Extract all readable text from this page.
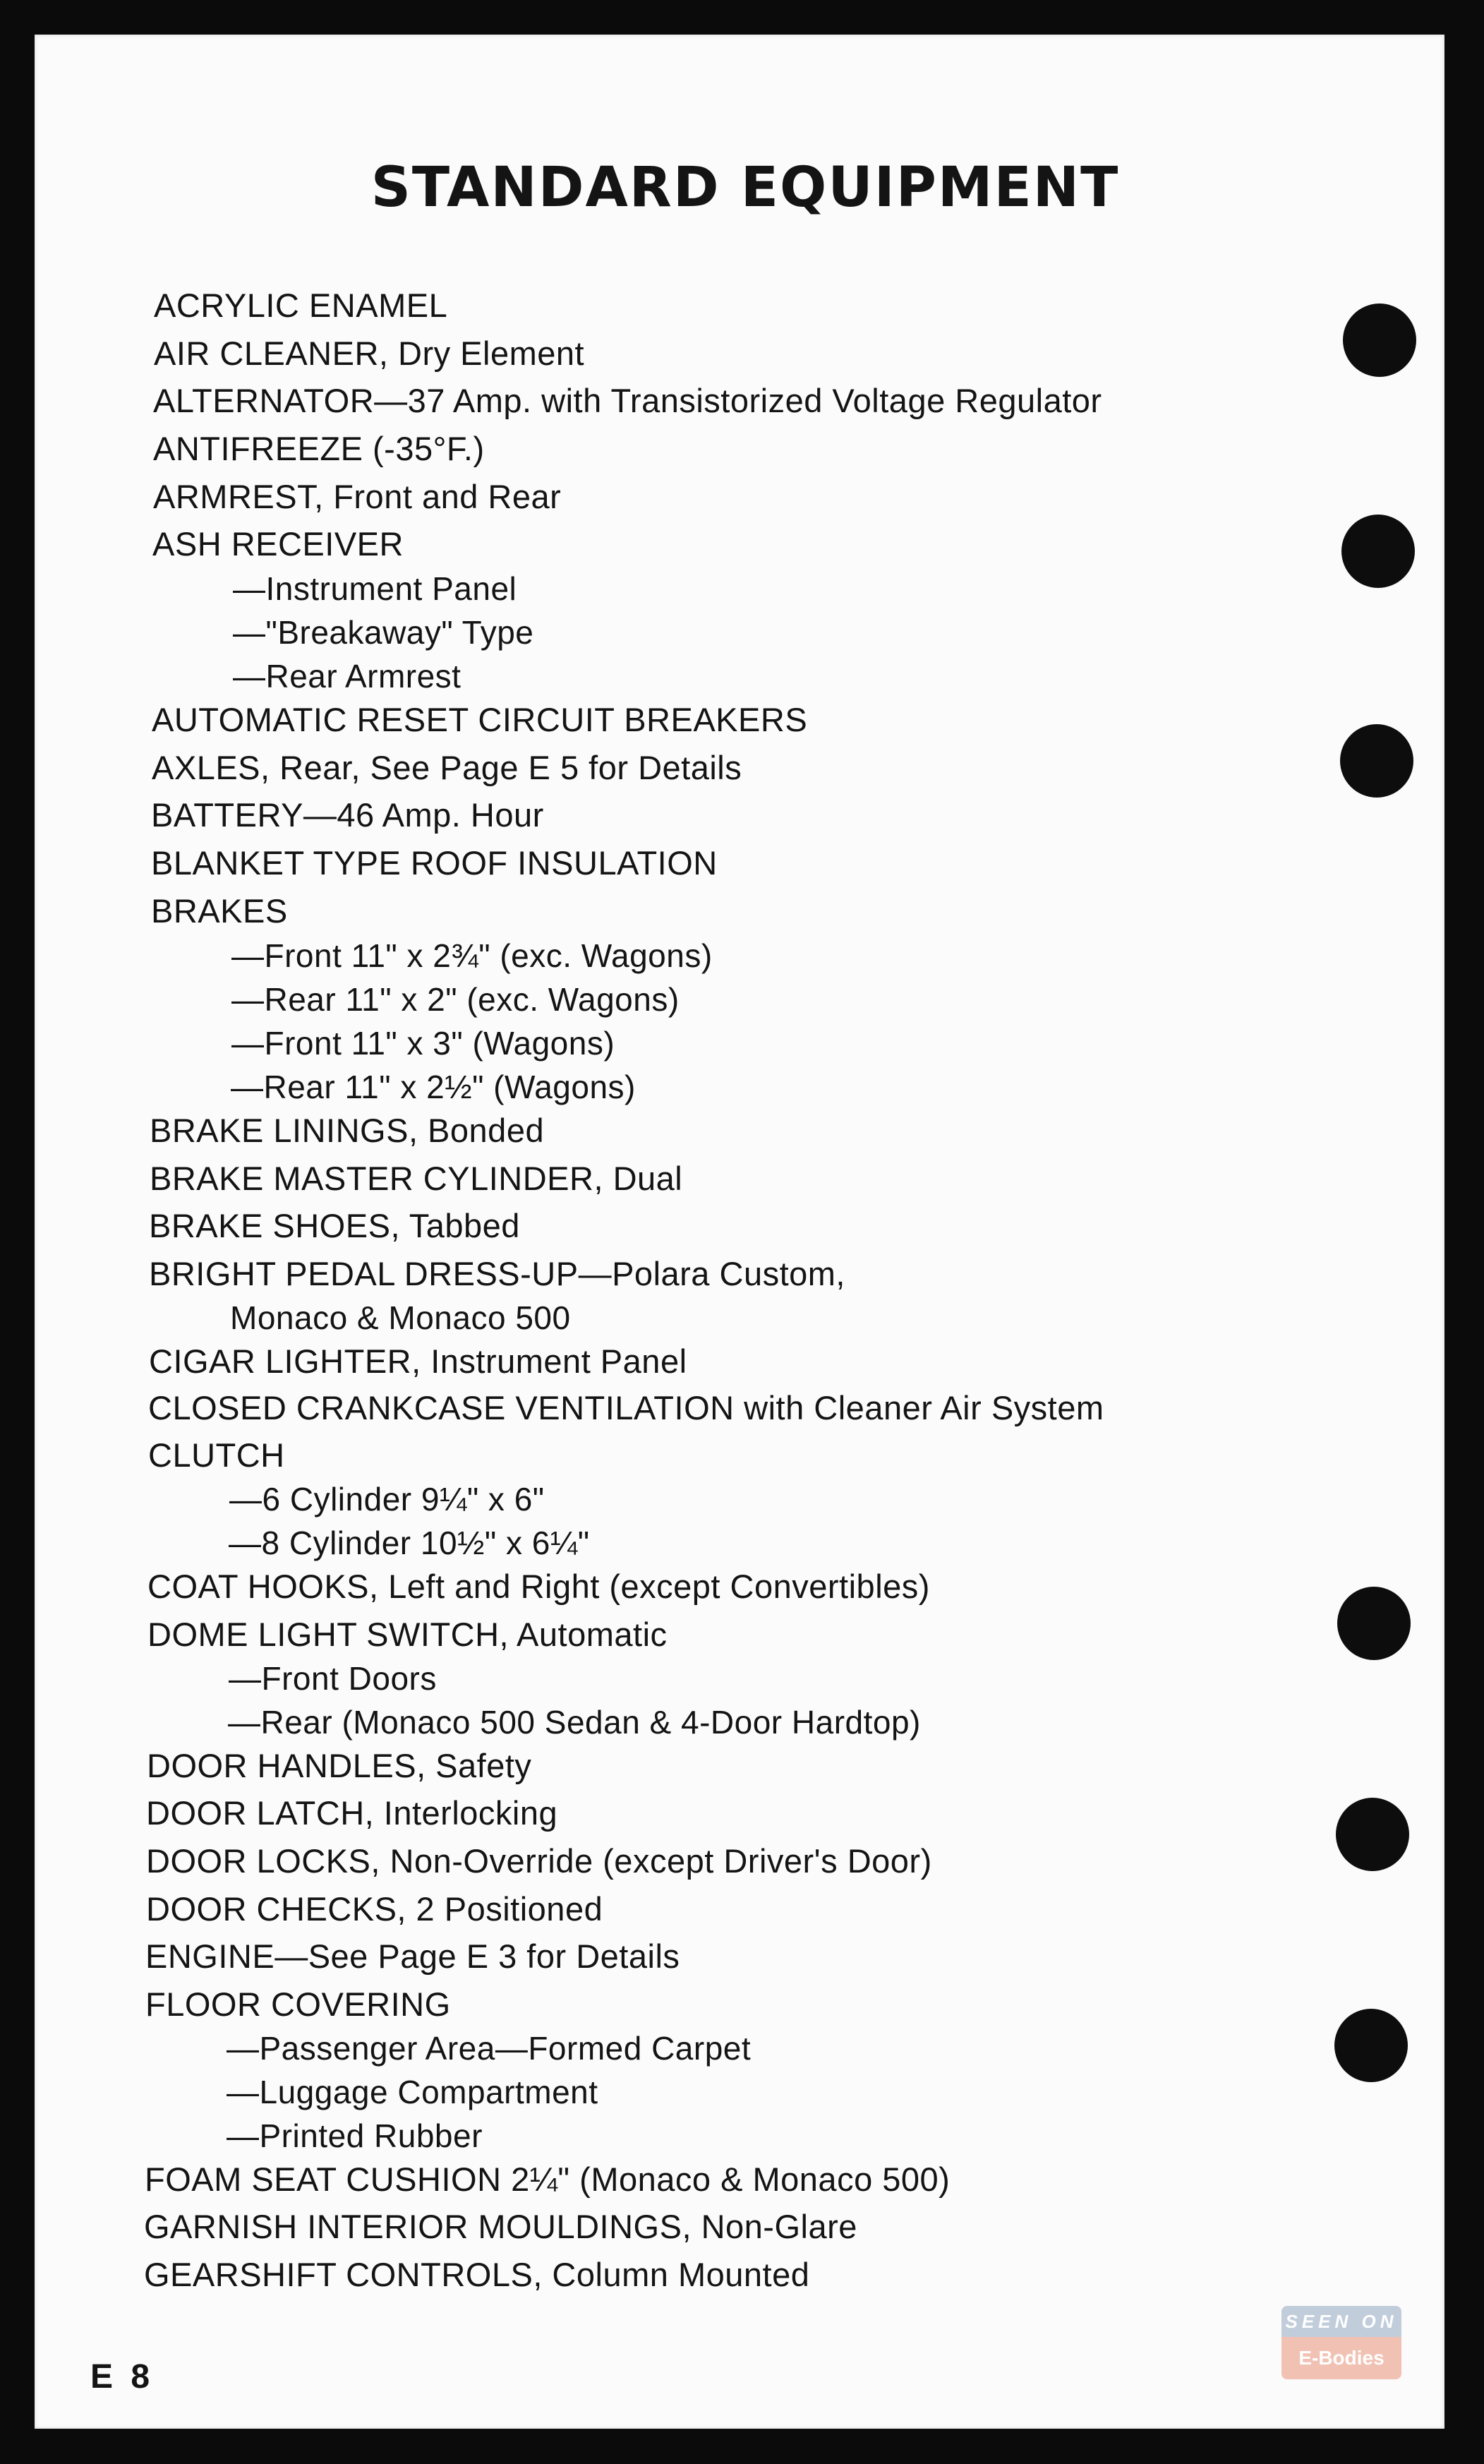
STANDARD EQUIPMENT
ACRYLIC ENAMEL
AIR CLEANER, Dry Element
ALTERNATOR—37 Amp. with Transistorized Voltage Regulator
ANTIFREEZE (-35°F.)
ARMREST, Front and Rear
ASH RECEIVER
—Instrument Panel
—"Breakaway" Type
—Rear Armrest
AUTOMATIC RESET CIRCUIT BREAKERS
AXLES, Rear, See Page E 5 for Details
BATTERY—46 Amp. Hour
BLANKET TYPE ROOF INSULATION
BRAKES
—Front 11" x 2¾" (exc. Wagons)
—Rear 11" x 2" (exc. Wagons)
—Front 11" x 3" (Wagons)
—Rear 11" x 2½" (Wagons)
BRAKE LININGS, Bonded
BRAKE MASTER CYLINDER, Dual
BRAKE SHOES, Tabbed
BRIGHT PEDAL DRESS-UP—Polara Custom,
Monaco & Monaco 500
CIGAR LIGHTER, Instrument Panel
CLOSED CRANKCASE VENTILATION with Cleaner Air System
CLUTCH
—6 Cylinder 9¼" x 6"
—8 Cylinder 10½" x 6¼"
COAT HOOKS, Left and Right (except Convertibles)
DOME LIGHT SWITCH, Automatic
—Front Doors
—Rear (Monaco 500 Sedan & 4-Door Hardtop)
DOOR HANDLES, Safety
DOOR LATCH, Interlocking
DOOR LOCKS, Non-Override (except Driver's Door)
DOOR CHECKS, 2 Positioned
ENGINE—See Page E 3 for Details
FLOOR COVERING
—Passenger Area—Formed Carpet
—Luggage Compartment
—Printed Rubber
FOAM SEAT CUSHION 2¼" (Monaco & Monaco 500)
GARNISH INTERIOR MOULDINGS, Non-Glare
GEARSHIFT CONTROLS, Column Mounted
E 8
SEEN ON
E-Bodies
